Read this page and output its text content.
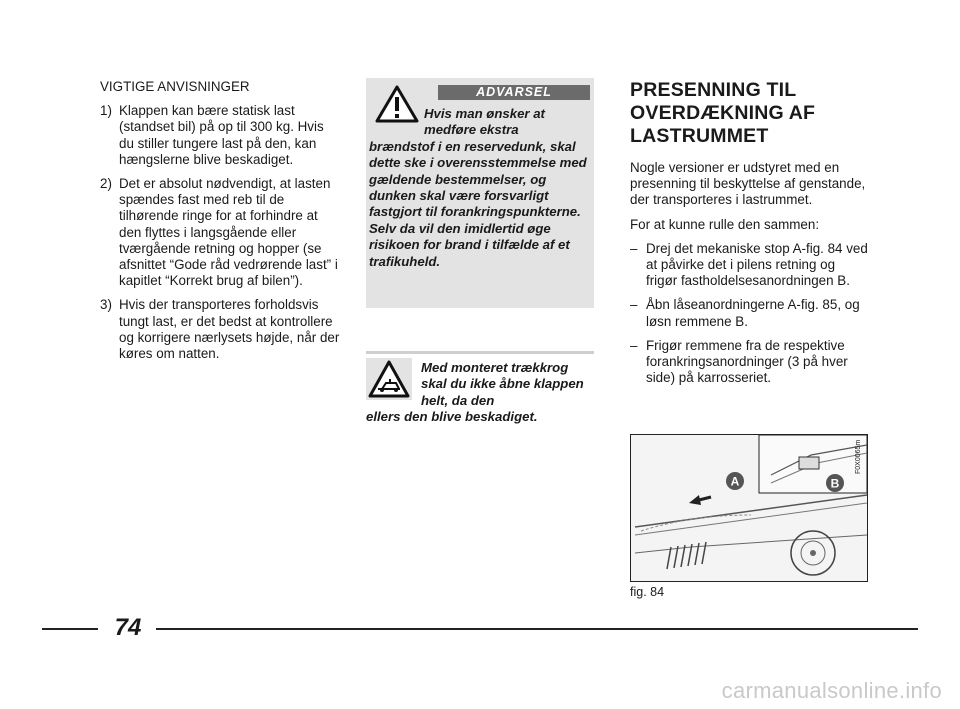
VIGTIGE ANVISNINGER
1) Klappen kan bære statisk last (standset bil) på op til 300 kg. Hvis du stiller tungere last på den, kan hængslerne blive beskadiget.
2) Det er absolut nødvendigt, at lasten spændes fast med reb til de tilhørende ringe for at forhindre at den flyttes i langsgående eller tværgående retning og hopper (se afsnittet “Gode råd vedrørende last” i kapitlet “Korrekt brug af bilen”).
3) Hvis der transporteres forholdsvis tungt last, er det bedst at kontrollere og korrigere nærlysets højde, når der køres om natten.
ADVARSEL
Hvis man ønsker at medføre ekstra
brændstof i en reservedunk, skal dette ske i overensstemmelse med gældende bestemmelser, og dunken skal være forsvarligt fastgjort til forankringspunkterne. Selv da vil den imidlertid øge risikoen for brand i tilfælde af et trafikuheld.
Med monteret trækkrog skal du ikke åbne klappen helt, da den
ellers den blive beskadiget.
PRESENNING TIL OVERDÆKNING AF LASTRUMMET

Nogle versioner er udstyret med en presenning til beskyttelse af genstande, der transporteres i lastrummet.

For at kunne rulle den sammen:

– Drej det mekaniske stop A-fig. 84 ved at påvirke det i pilens retning og frigør fastholdelsesanordningen B.
– Åbn låseanordningerne A-fig. 85, og løsn remmene B.
– Frigør remmene fra de respektive forankringsanordninger (3 på hver side) på karrosseriet.
A	B
F0X0065m
fig. 84
74
carmanualsonline.info
